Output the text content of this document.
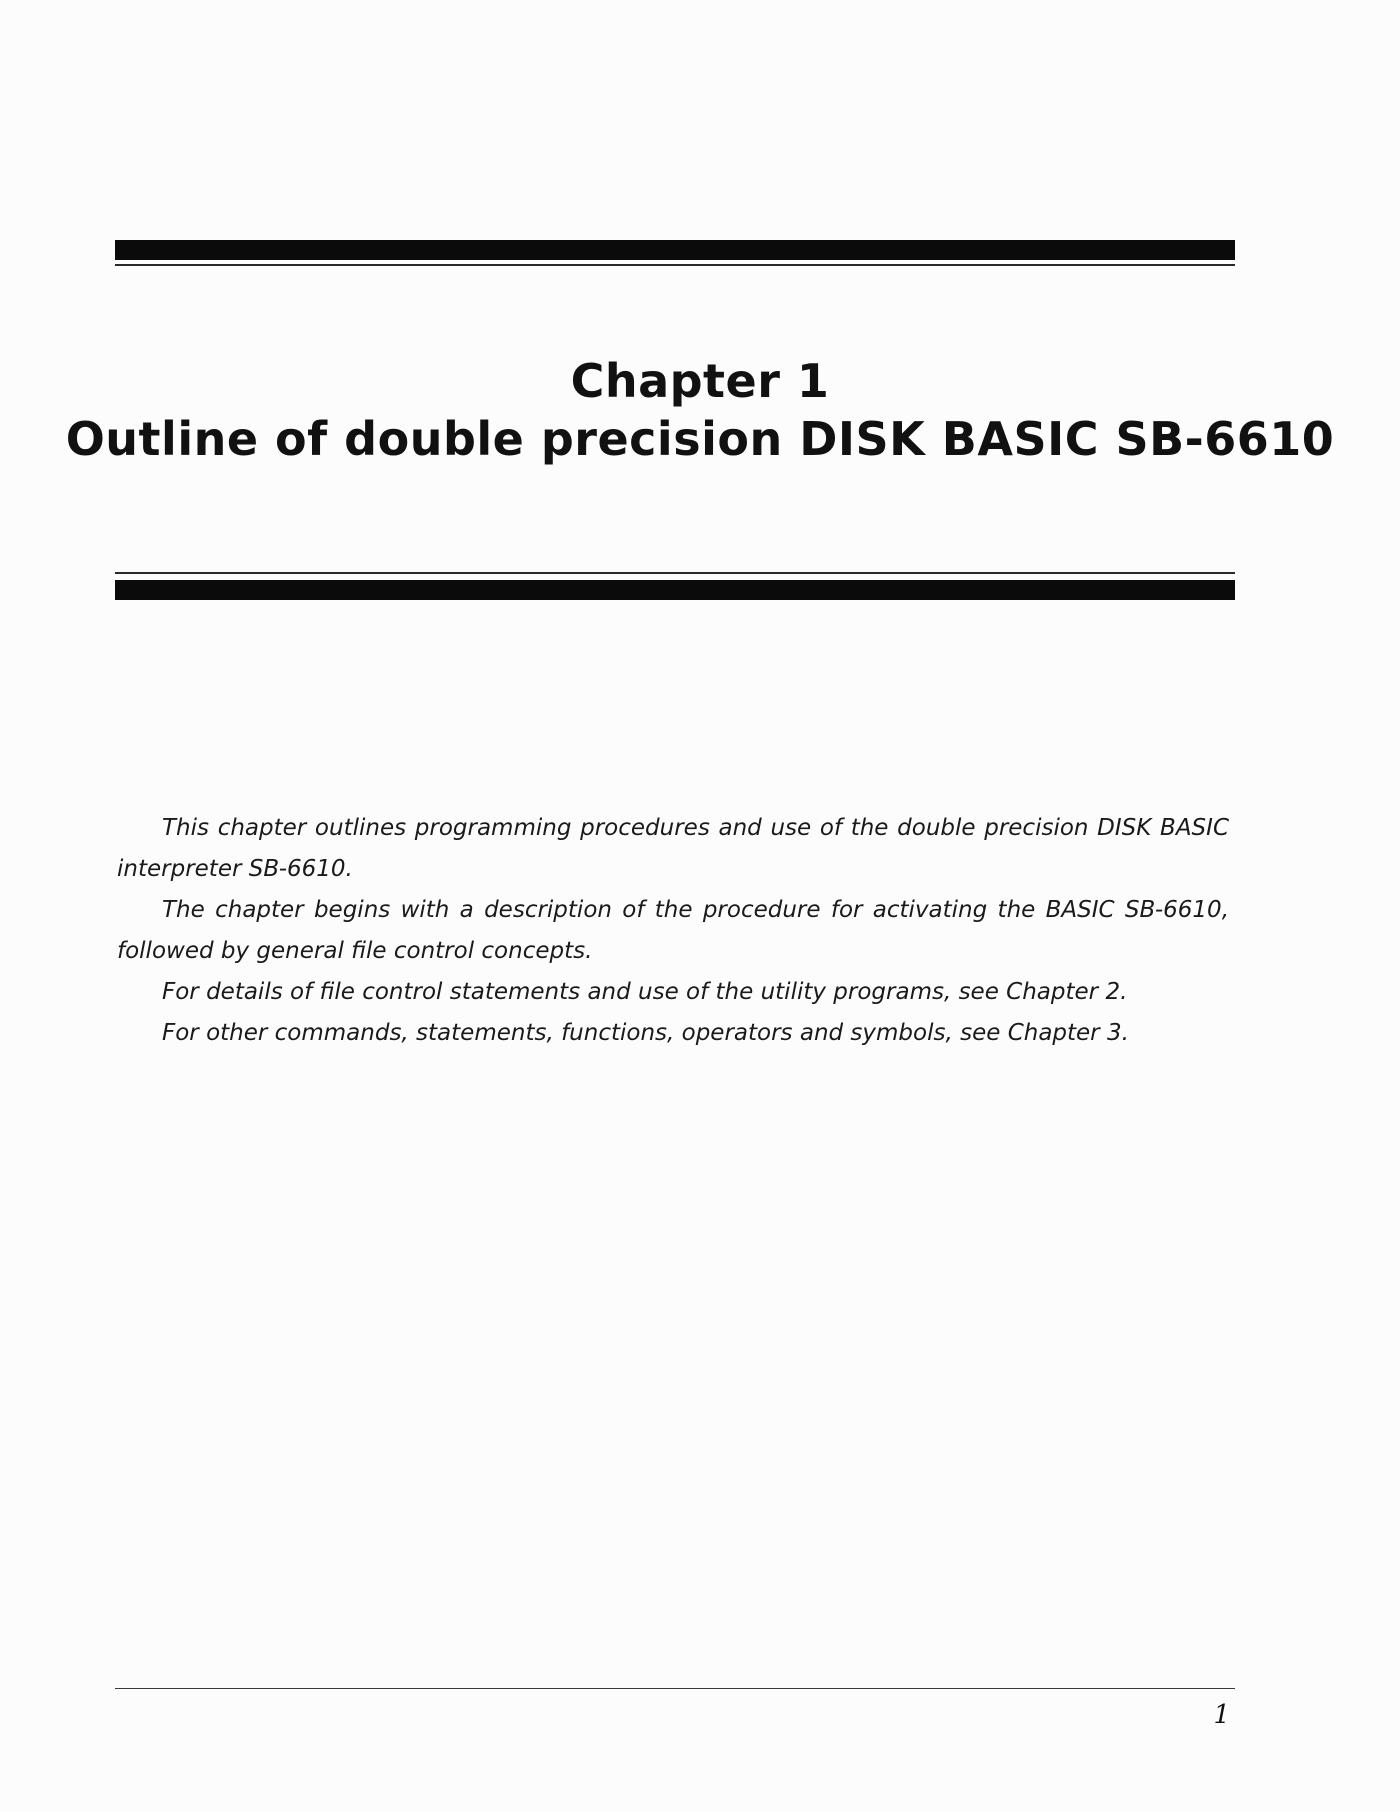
Chapter 1
Outline of double precision DISK BASIC SB-6610

This chapter outlines programming procedures and use of the double precision DISK BASIC interpreter SB-6610.

The chapter begins with a description of the procedure for activating the BASIC SB-6610, followed by general file control concepts.

For details of file control statements and use of the utility programs, see Chapter 2.

For other commands, statements, functions, operators and symbols, see Chapter 3.

1
